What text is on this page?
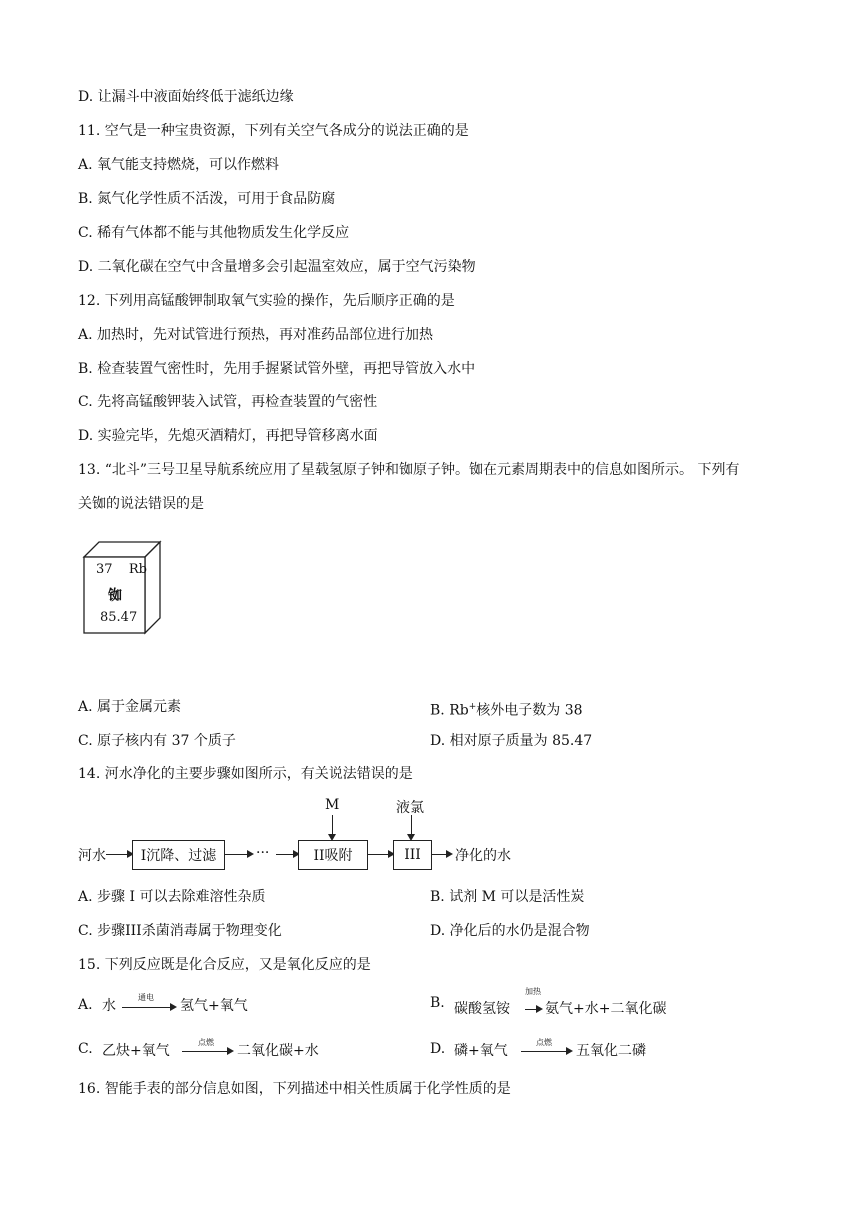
D. 让漏斗中液面始终低于滤纸边缘
11. 空气是一种宝贵资源，下列有关空气各成分的说法正确的是
A. 氧气能支持燃烧，可以作燃料
B. 氮气化学性质不活泼，可用于食品防腐
C. 稀有气体都不能与其他物质发生化学反应
D. 二氧化碳在空气中含量增多会引起温室效应，属于空气污染物
12. 下列用高锰酸钾制取氧气实验的操作，先后顺序正确的是
A. 加热时，先对试管进行预热，再对准药品部位进行加热
B. 检查装置气密性时，先用手握紧试管外壁，再把导管放入水中
C. 先将高锰酸钾装入试管，再检查装置的气密性
D. 实验完毕，先熄灭酒精灯，再把导管移离水面
13. “北斗”三号卫星导航系统应用了星载氢原子钟和铷原子钟。铷在元素周期表中的信息如图所示。 下列有
关铷的说法错误的是
37 Rb
铷
85.47
A. 属于金属元素	B. Rb+核外电子数为 38
C. 原子核内有 37 个质子	D. 相对原子质量为 85.47
14. 河水净化的主要步骤如图所示，有关说法错误的是
河水	I沉降、过滤	···	II吸附
M
III
液氯
净化的水
A. 步骤 I 可以去除难溶性杂质	B. 试剂 M 可以是活性炭
C. 步骤III杀菌消毒属于物理变化	D. 净化后的水仍是混合物
15. 下列反应既是化合反应，又是氧化反应的是
A. 水
通电
氢气+氧气	B. 碳酸氢铵
加热
氨气+水+二氧化碳
C. 乙炔+氧气
点燃
二氧化碳+水	D. 磷+氧气
点燃
五氧化二磷
16. 智能手表的部分信息如图，下列描述中相关性质属于化学性质的是
